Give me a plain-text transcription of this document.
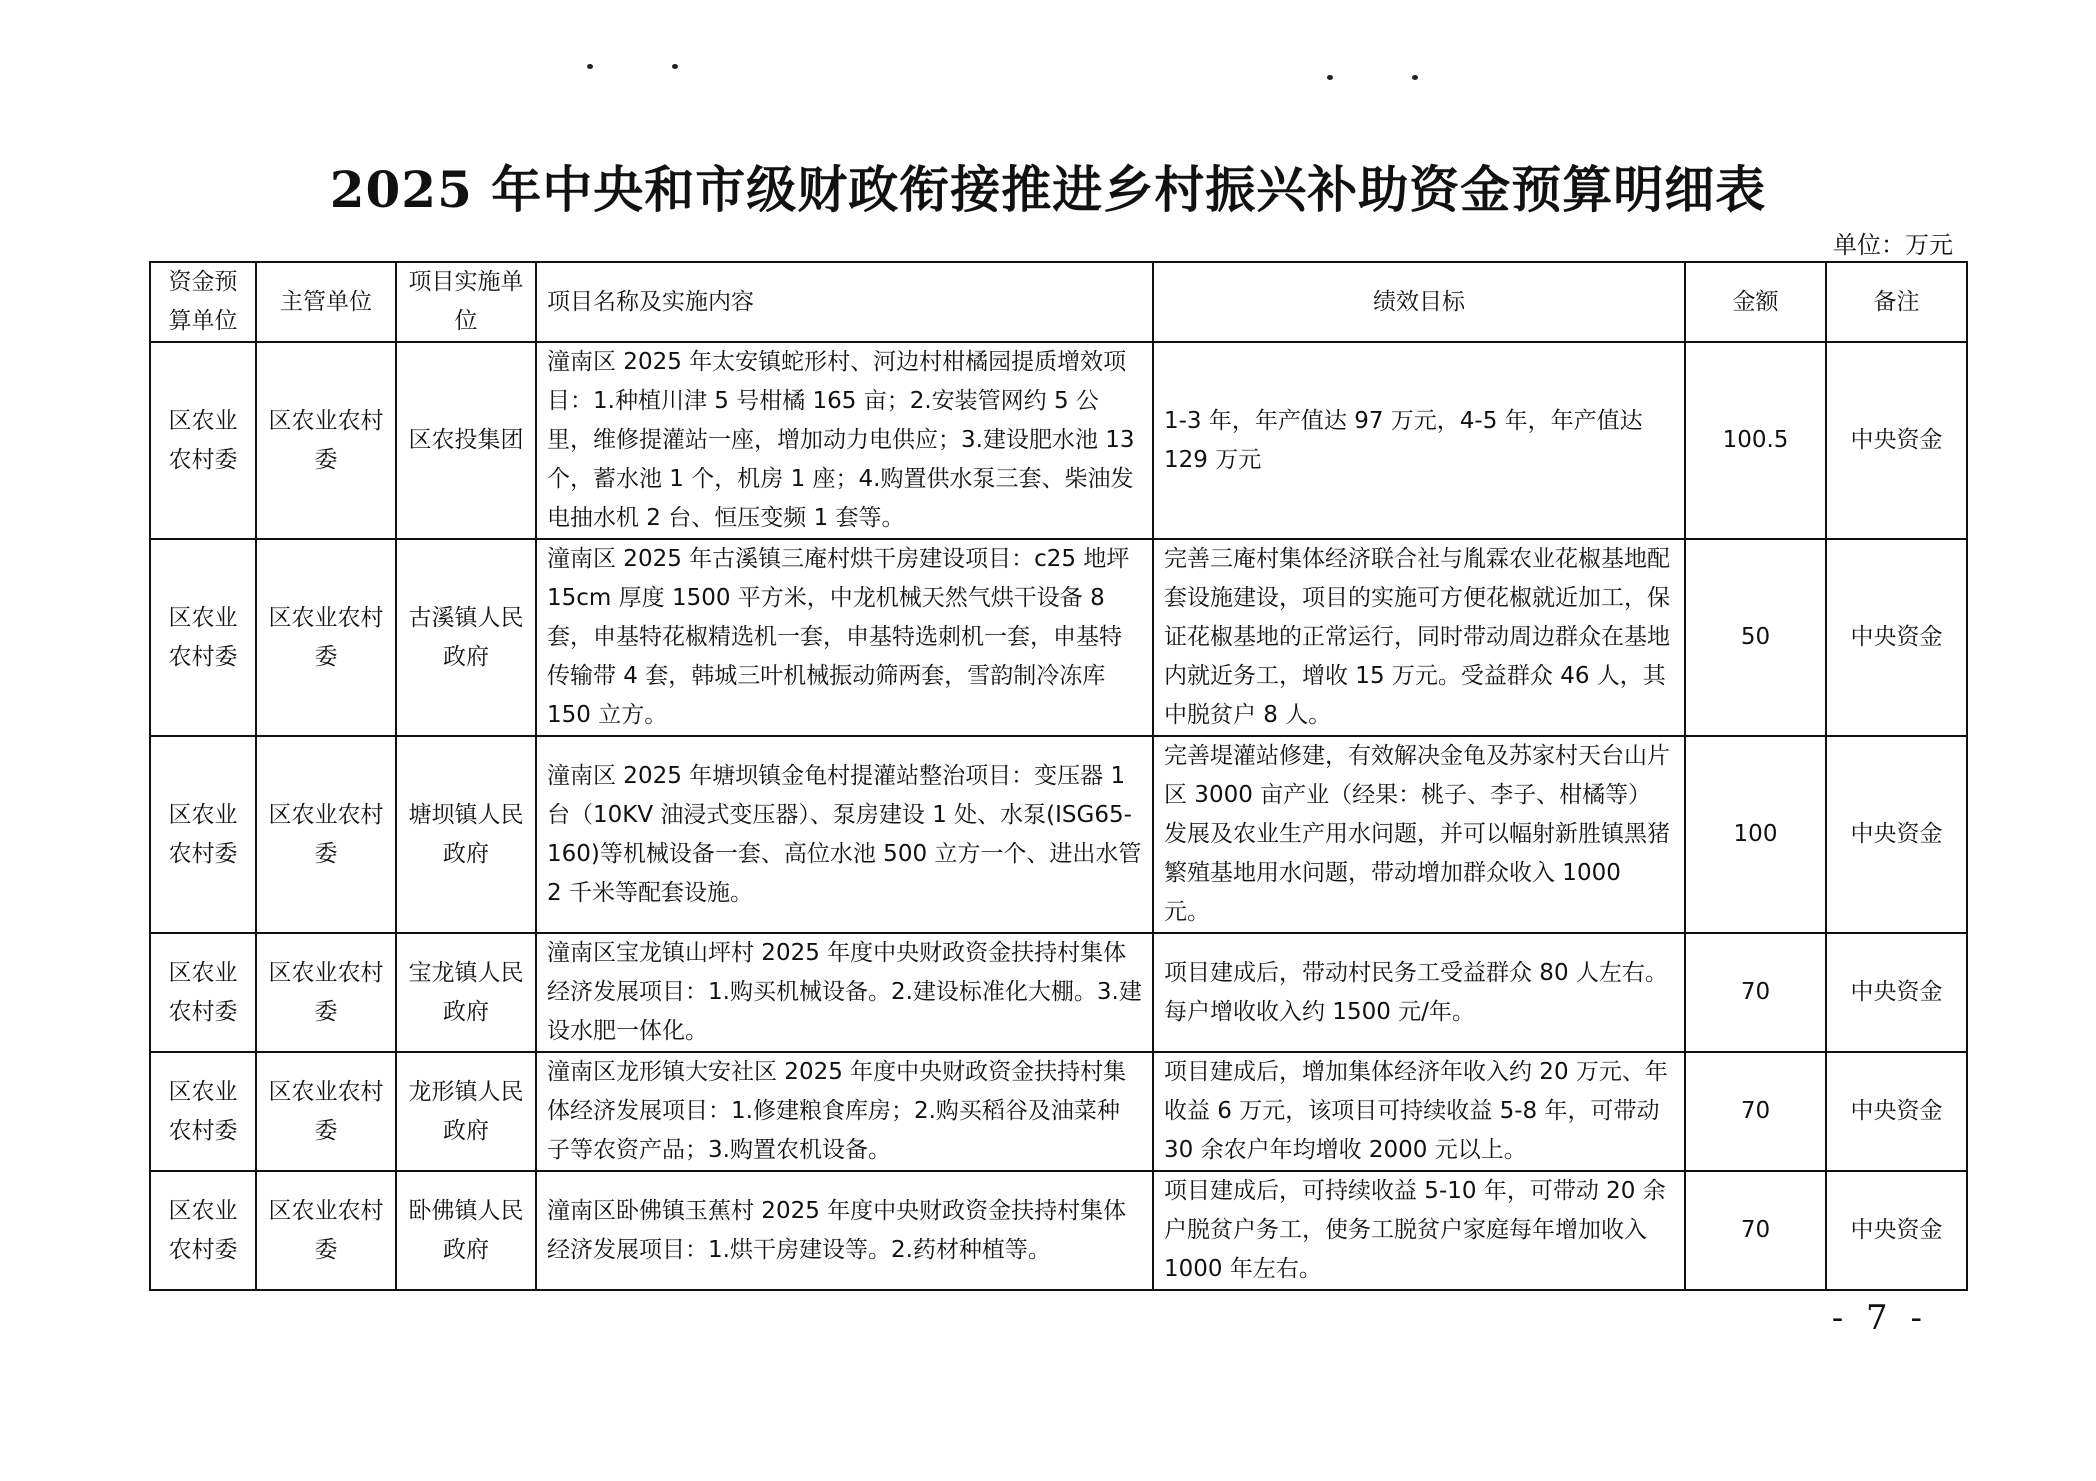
2025 年中央和市级财政衔接推进乡村振兴补助资金预算明细表
单位：万元
资金预算单位	主管单位	项目实施单位	项目名称及实施内容	绩效目标	金额	备注
区农业农村委	区农业农村委	区农投集团	潼南区 2025 年太安镇蛇形村、河边村柑橘园提质增效项目：1.种植川津 5 号柑橘 165 亩；2.安装管网约 5 公里，维修提灌站一座，增加动力电供应；3.建设肥水池 13 个，蓄水池 1 个，机房 1 座；4.购置供水泵三套、柴油发电抽水机 2 台、恒压变频 1 套等。	1-3 年，年产值达 97 万元，4-5 年，年产值达 129 万元	100.5	中央资金
区农业农村委	区农业农村委	古溪镇人民政府	潼南区 2025 年古溪镇三庵村烘干房建设项目：c25 地坪 15cm 厚度 1500 平方米，中龙机械天然气烘干设备 8 套，申基特花椒精选机一套，申基特选刺机一套，申基特传输带 4 套，韩城三叶机械振动筛两套，雪韵制冷冻库 150 立方。	完善三庵村集体经济联合社与胤霖农业花椒基地配套设施建设，项目的实施可方便花椒就近加工，保证花椒基地的正常运行，同时带动周边群众在基地内就近务工，增收 15 万元。受益群众 46 人，其中脱贫户 8 人。	50	中央资金
区农业农村委	区农业农村委	塘坝镇人民政府	潼南区 2025 年塘坝镇金龟村提灌站整治项目：变压器 1 台（10KV 油浸式变压器）、泵房建设 1 处、水泵(ISG65-160)等机械设备一套、高位水池 500 立方一个、进出水管 2 千米等配套设施。	完善堤灌站修建，有效解决金龟及苏家村天台山片区 3000 亩产业（经果：桃子、李子、柑橘等）发展及农业生产用水问题，并可以幅射新胜镇黑猪繁殖基地用水问题，带动增加群众收入 1000 元。	100	中央资金
区农业农村委	区农业农村委	宝龙镇人民政府	潼南区宝龙镇山坪村 2025 年度中央财政资金扶持村集体经济发展项目：1.购买机械设备。2.建设标准化大棚。3.建设水肥一体化。	项目建成后，带动村民务工受益群众 80 人左右。每户增收收入约 1500 元/年。	70	中央资金
区农业农村委	区农业农村委	龙形镇人民政府	潼南区龙形镇大安社区 2025 年度中央财政资金扶持村集体经济发展项目：1.修建粮食库房；2.购买稻谷及油菜种子等农资产品；3.购置农机设备。	项目建成后，增加集体经济年收入约 20 万元、年收益 6 万元，该项目可持续收益 5-8 年，可带动 30 余农户年均增收 2000 元以上。	70	中央资金
区农业农村委	区农业农村委	卧佛镇人民政府	潼南区卧佛镇玉蕉村 2025 年度中央财政资金扶持村集体经济发展项目：1.烘干房建设等。2.药材种植等。	项目建成后，可持续收益 5-10 年，可带动 20 余户脱贫户务工，使务工脱贫户家庭每年增加收入 1000 年左右。	70	中央资金
- 7 -
